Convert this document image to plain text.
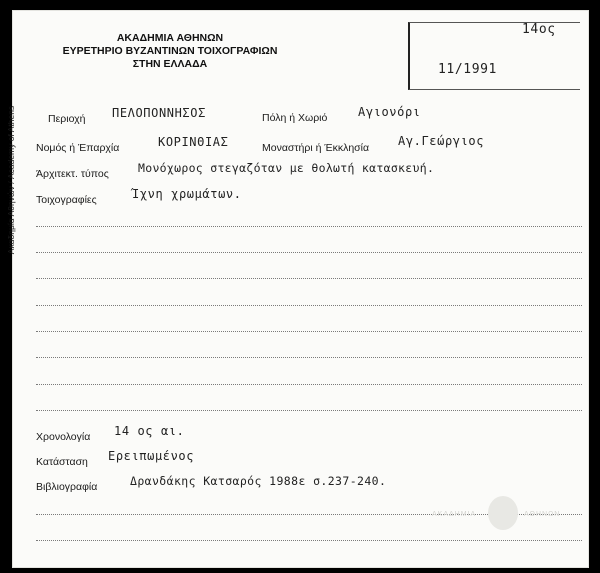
Ακαδημία Αθηνών / Academy of Athens
ΑΚΑΔΗΜΙΑ ΑΘΗΝΩΝ
ΕΥΡΕΤΗΡΙΟ ΒΥΖΑΝΤΙΝΩΝ ΤΟΙΧΟΓΡΑΦΙΩΝ
ΣΤΗΝ ΕΛΛΑΔΑ
14ος
11/1991
Περιοχή ΠΕΛΟΠΟΝΝΗΣΟΣ	Πόλη ή Χωριό	Αγιονόρι
Νομός ή Έπαρχία	ΚΟΡΙΝΘΙΑΣ	Μοναστήρι ή Έκκλησία Αγ.Γεώργιος
Άρχιτεκτ. τύπος	Μονόχωρος στεγαζόταν με θολωτή κατασκευή.
Τοιχογραφίες	Ίχνη χρωμάτων.
Χρονολογία 14 ος αι.
Κατάσταση Ερειπωμένος
Βιβλιογραφία	Δρανδάκης Κατσαρός 1988ε σ.237-240.
ΑΚΑΔΗΜΙΑ	ΑΘΗΝΩΝ
